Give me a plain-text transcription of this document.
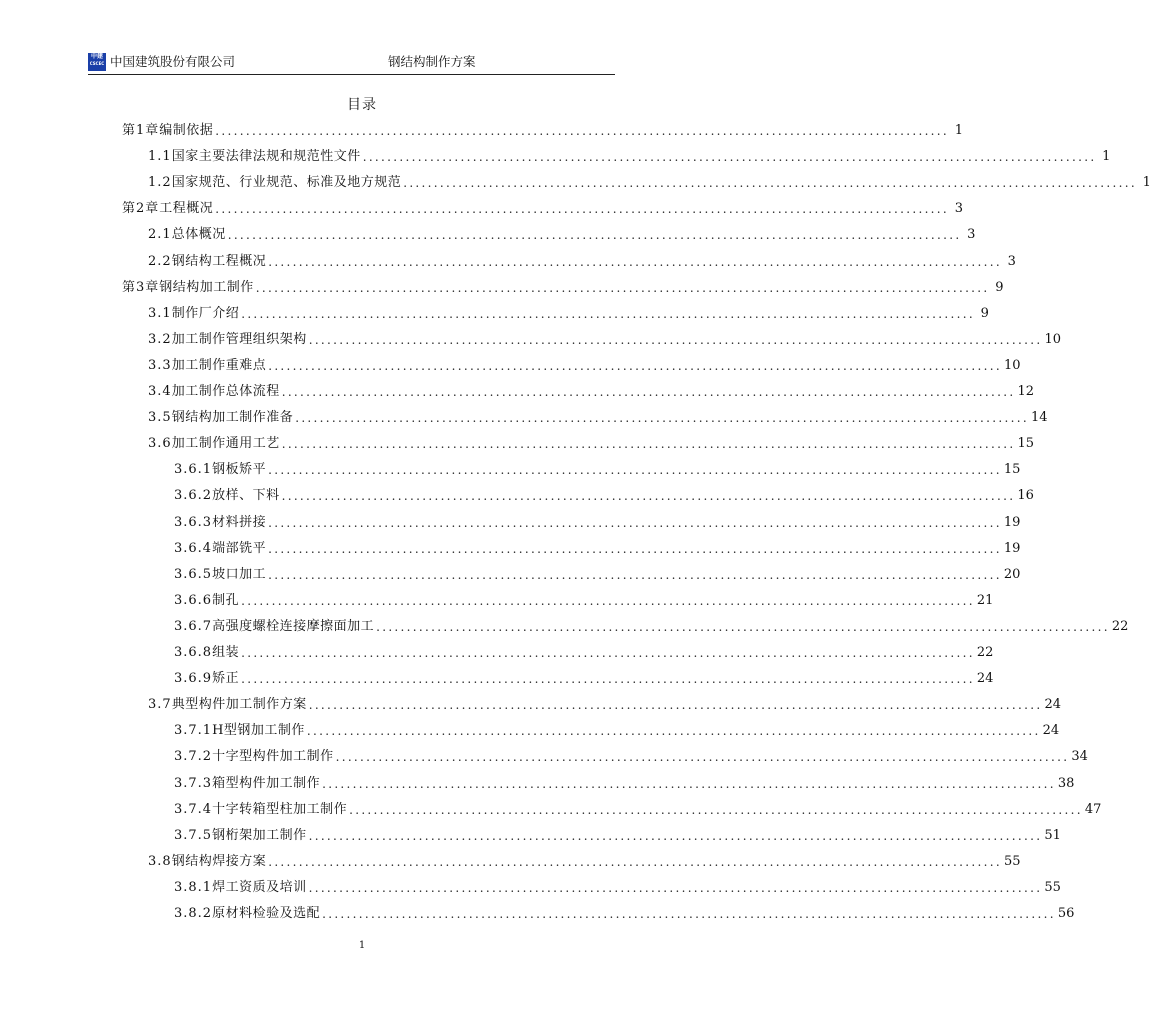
中建
CSCEC 中国建筑股份有限公司	钢结构制作方案
目录
第1章 编制依据 ........................................................................................................................ 1
1.1 国家主要法律法规和规范性文件 ........................................................................................................................ 1
1.2 国家规范、行业规范、标准及地方规范 ........................................................................................................................ 1
第2章 工程概况 ........................................................................................................................ 3
2.1 总体概况 ........................................................................................................................ 3
2.2 钢结构工程概况 ........................................................................................................................ 3
第3章 钢结构加工制作 ........................................................................................................................ 9
3.1 制作厂介绍 ........................................................................................................................ 9
3.2 加工制作管理组织架构 ........................................................................................................................ 10
3.3 加工制作重难点 ........................................................................................................................ 10
3.4 加工制作总体流程 ........................................................................................................................ 12
3.5 钢结构加工制作准备 ........................................................................................................................ 14
3.6 加工制作通用工艺 ........................................................................................................................ 15
3.6.1 钢板矫平 ........................................................................................................................ 15
3.6.2 放样、下料 ........................................................................................................................ 16
3.6.3 材料拼接 ........................................................................................................................ 19
3.6.4 端部铣平 ........................................................................................................................ 19
3.6.5 坡口加工 ........................................................................................................................ 20
3.6.6 制孔 ........................................................................................................................ 21
3.6.7 高强度螺栓连接摩擦面加工 ........................................................................................................................ 22
3.6.8 组装 ........................................................................................................................ 22
3.6.9 矫正 ........................................................................................................................ 24
3.7 典型构件加工制作方案 ........................................................................................................................ 24
3.7.1 H型钢加工制作 ........................................................................................................................ 24
3.7.2 十字型构件加工制作 ........................................................................................................................ 34
3.7.3 箱型构件加工制作 ........................................................................................................................ 38
3.7.4 十字转箱型柱加工制作 ........................................................................................................................ 47
3.7.5 钢桁架加工制作 ........................................................................................................................ 51
3.8 钢结构焊接方案 ........................................................................................................................ 55
3.8.1 焊工资质及培训 ........................................................................................................................ 55
3.8.2 原材料检验及选配 ........................................................................................................................ 56
1
